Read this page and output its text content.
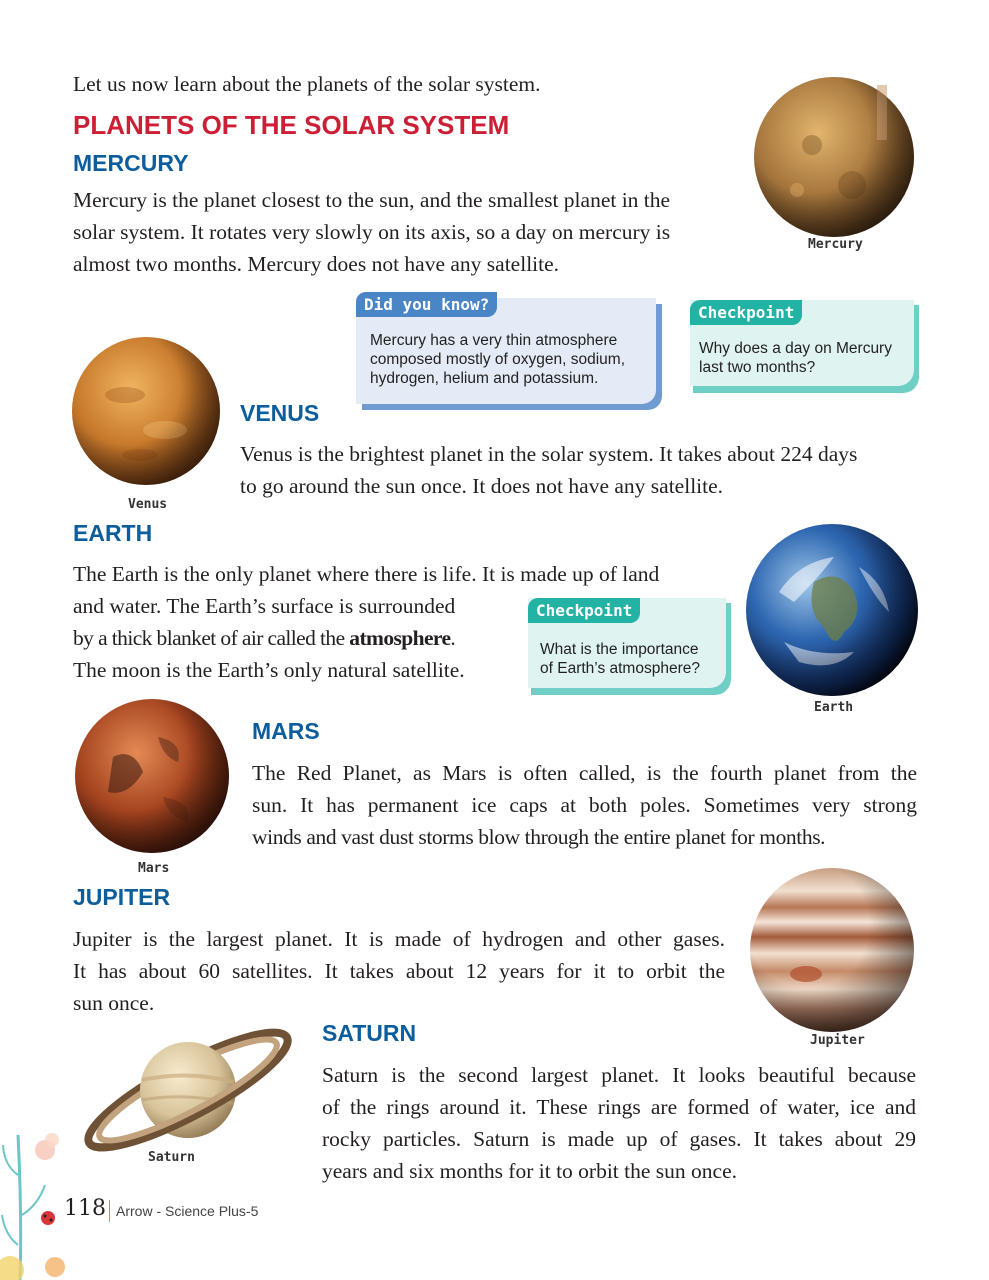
Let us now learn about the planets of the solar system.
PLANETS OF THE SOLAR SYSTEM
MERCURY
Mercury is the planet closest to the sun, and the smallest planet in the
solar system. It rotates very slowly on its axis, so a day on mercury is
almost two months. Mercury does not have any satellite.
Mercury
Did you know?
Mercury has a very thin atmosphere
composed mostly of oxygen, sodium,
hydrogen, helium and potassium.
Checkpoint
Why does a day on Mercury
last two months?
Venus
VENUS
Venus is the brightest planet in the solar system. It takes about 224 days
to go around the sun once. It does not have any satellite.
EARTH
The Earth is the only planet where there is life. It is made up of land
and water. The Earth’s surface is surrounded
by a thick blanket of air called the atmosphere.
The moon is the Earth’s only natural satellite.
Earth
Checkpoint
What is the importance
of Earth’s atmosphere?
Mars
MARS
The Red Planet, as Mars is often called, is the fourth planet from the
sun. It has permanent ice caps at both poles. Sometimes very strong
winds and vast dust storms blow through the entire planet for months.
JUPITER
Jupiter is the largest planet. It is made of hydrogen and other gases.
It has about 60 satellites. It takes about 12 years for it to orbit the
sun once.
Jupiter
Saturn
SATURN
Saturn is the second largest planet. It looks beautiful because
of the rings around it. These rings are formed of water, ice and
rocky particles. Saturn is made up of gases. It takes about 29
years and six months for it to orbit the sun once.
118 Arrow - Science Plus-5
